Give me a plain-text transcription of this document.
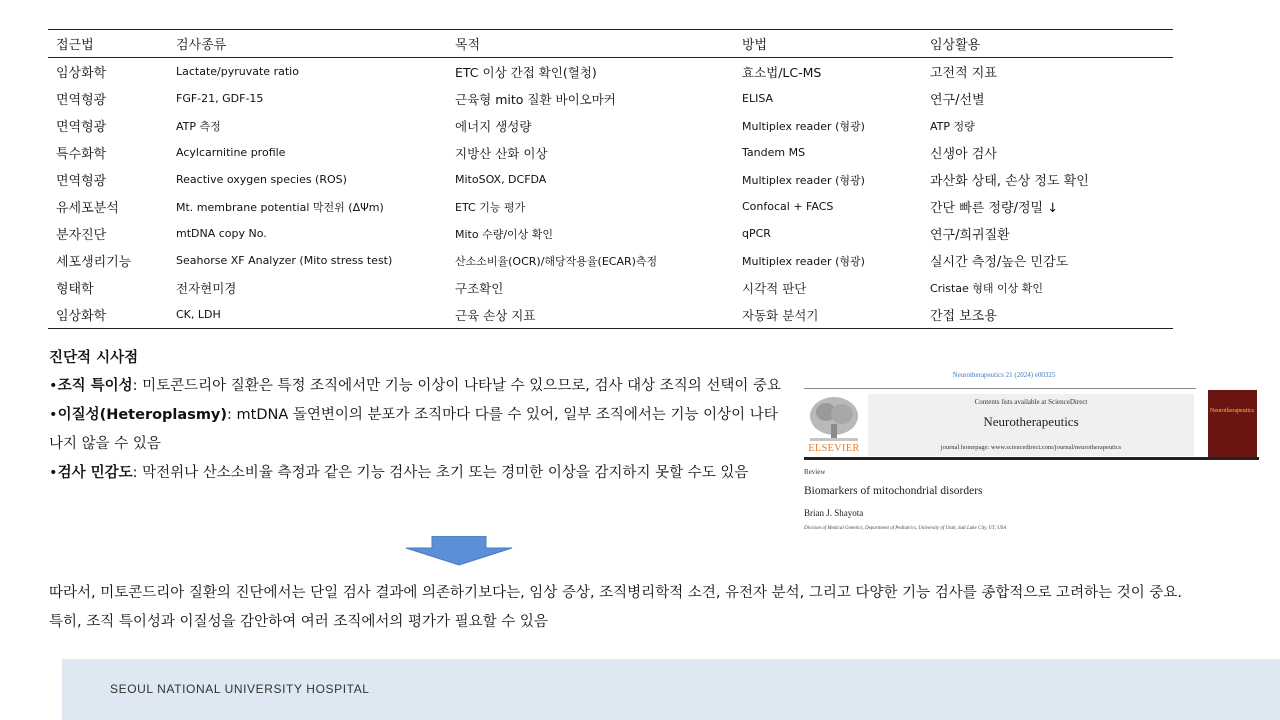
접근법	검사종류	목적	방법	임상활용
임상화학	Lactate/pyruvate ratio	ETC 이상 간접 확인(혈청)	효소법/LC-MS	고전적 지표
면역형광	FGF-21, GDF-15	근육형 mito 질환 바이오마커	ELISA	연구/선별
면역형광	ATP 측정	에너지 생성량	Multiplex reader (형광)	ATP 정량
특수화학	Acylcarnitine profile	지방산 산화 이상	Tandem MS	신생아 검사
면역형광	Reactive oxygen species (ROS)	MitoSOX, DCFDA	Multiplex reader (형광)	과산화 상태, 손상 정도 확인
유세포분석	Mt. membrane potential 막전위 (ΔΨm)	ETC 기능 평가	Confocal + FACS	간단 빠른 정량/정밀 ↓
분자진단	mtDNA copy No.	Mito 수량/이상 확인	qPCR	연구/희귀질환
세포생리기능	Seahorse XF Analyzer (Mito stress test)	산소소비율(OCR)/해당작용율(ECAR)측정	Multiplex reader (형광)	실시간 측정/높은 민감도
형태학	전자현미경	구조확인	시각적 판단	Cristae 형태 이상 확인
임상화학	CK, LDH	근육 손상 지표	자동화 분석기	간접 보조용
진단적 시사점

•조직 특이성: 미토콘드리아 질환은 특정 조직에서만 기능 이상이 나타날 수 있으므로, 검사 대상 조직의 선택이 중요

•이질성(Heteroplasmy): mtDNA 돌연변이의 분포가 조직마다 다를 수 있어, 일부 조직에서는 기능 이상이 나타나지 않을 수 있음

•검사 민감도: 막전위나 산소소비율 측정과 같은 기능 검사는 초기 또는 경미한 이상을 감지하지 못할 수도 있음

따라서, 미토콘드리아 질환의 진단에서는 단일 검사 결과에 의존하기보다는, 임상 증상, 조직병리학적 소견, 유전자 분석, 그리고 다양한 기능 검사를 종합적으로 고려하는 것이 중요. 특히, 조직 특이성과 이질성을 감안하여 여러 조직에서의 평가가 필요할 수 있음

Neurotherapeutics 21 (2024) e00325
ELSEVIER
Contents lists available at ScienceDirect
Neurotherapeutics
journal homepage: www.sciencedirect.com/journal/neurotherapeutics
Neurotherapeutics
Review
Biomarkers of mitochondrial disorders
Brian J. Shayota
Division of Medical Genetics, Department of Pediatrics, University of Utah, Salt Lake City, UT, USA
SEOUL NATIONAL UNIVERSITY HOSPITAL
